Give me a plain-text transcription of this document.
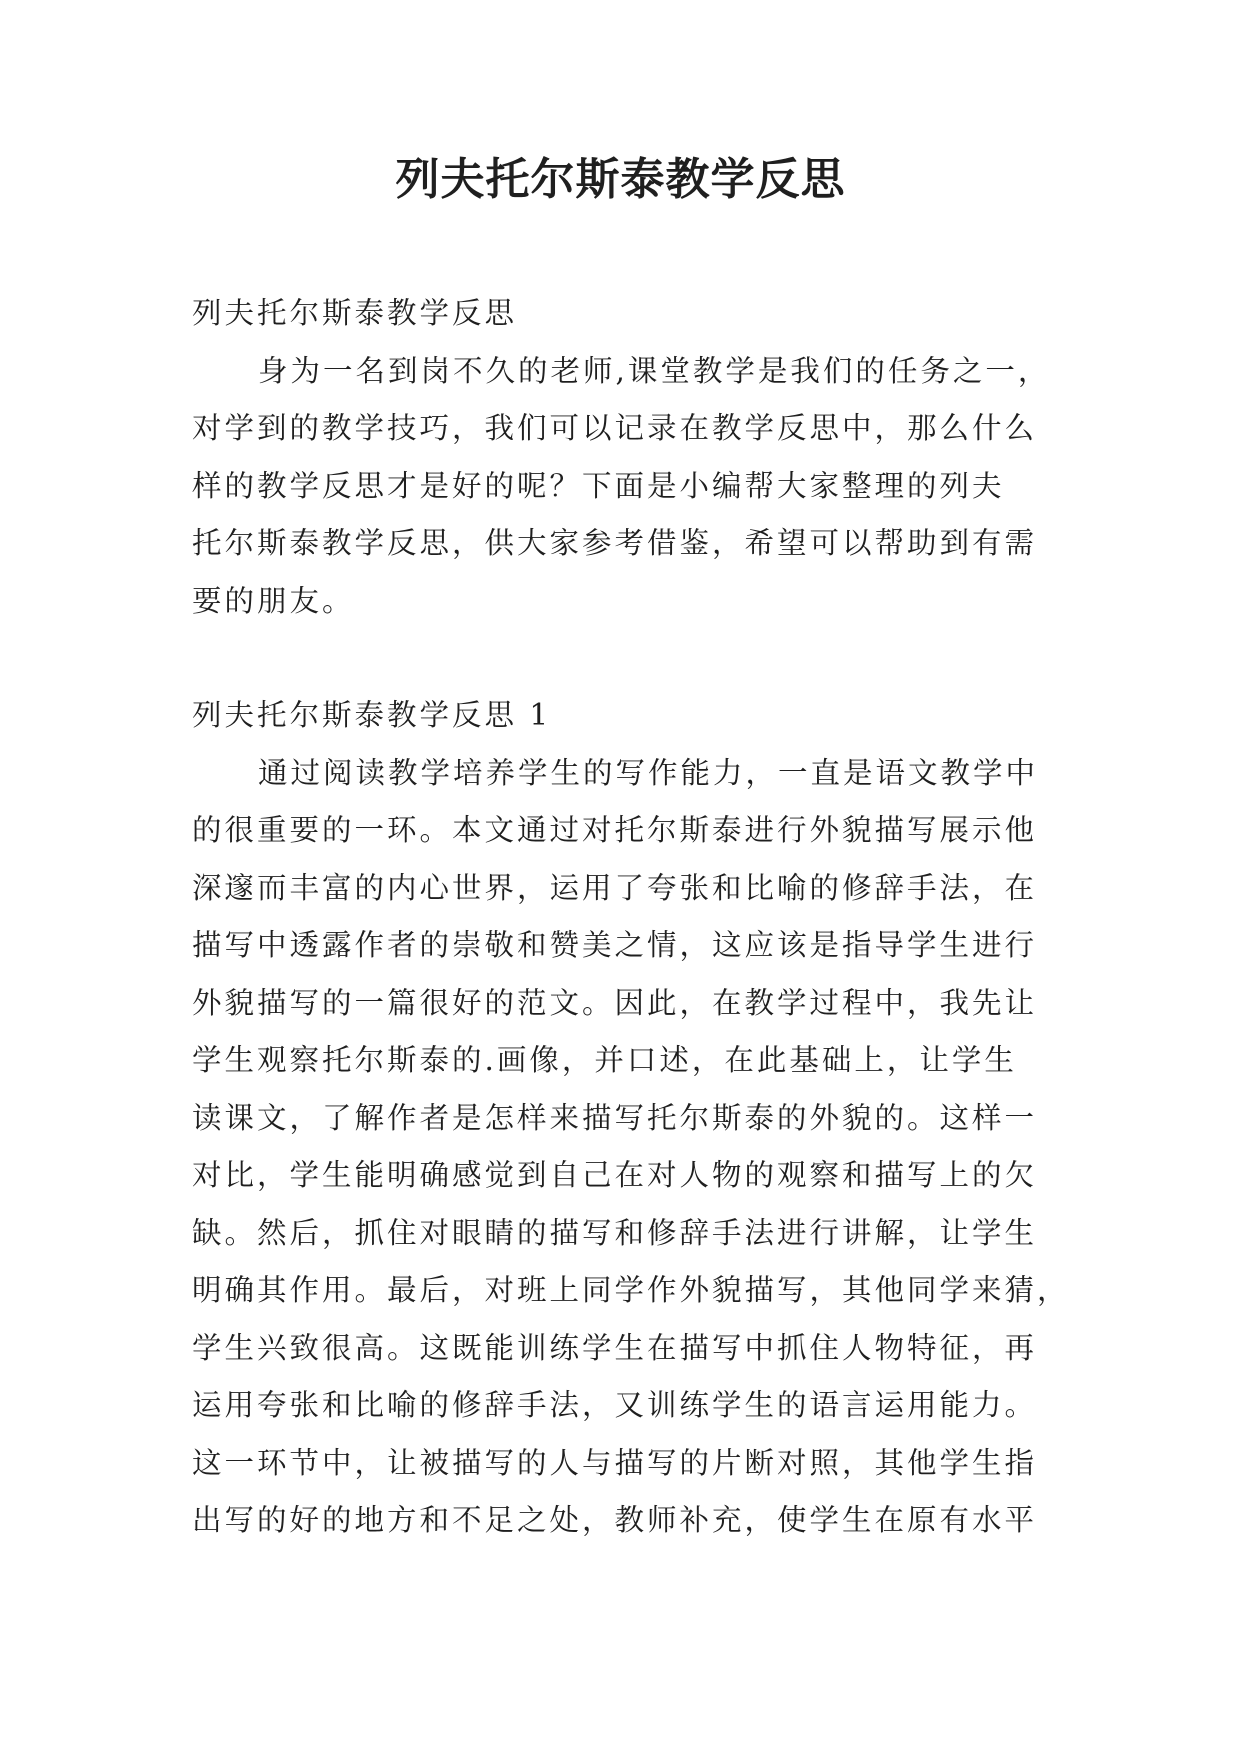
列夫托尔斯泰教学反思

列夫托尔斯泰教学反思

身为一名到岗不久的老师,课堂教学是我们的任务之一，

对学到的教学技巧，我们可以记录在教学反思中，那么什么

样的教学反思才是好的呢？下面是小编帮大家整理的列夫

托尔斯泰教学反思，供大家参考借鉴，希望可以帮助到有需

要的朋友。

列夫托尔斯泰教学反思 1

通过阅读教学培养学生的写作能力，一直是语文教学中

的很重要的一环。本文通过对托尔斯泰进行外貌描写展示他

深邃而丰富的内心世界，运用了夸张和比喻的修辞手法，在

描写中透露作者的崇敬和赞美之情，这应该是指导学生进行

外貌描写的一篇很好的范文。因此，在教学过程中，我先让

学生观察托尔斯泰的.画像，并口述，在此基础上，让学生

读课文，了解作者是怎样来描写托尔斯泰的外貌的。这样一

对比，学生能明确感觉到自己在对人物的观察和描写上的欠

缺。然后，抓住对眼睛的描写和修辞手法进行讲解，让学生

明确其作用。最后，对班上同学作外貌描写，其他同学来猜，

学生兴致很高。这既能训练学生在描写中抓住人物特征，再

运用夸张和比喻的修辞手法，又训练学生的语言运用能力。

这一环节中，让被描写的人与描写的片断对照，其他学生指

出写的好的地方和不足之处，教师补充，使学生在原有水平
